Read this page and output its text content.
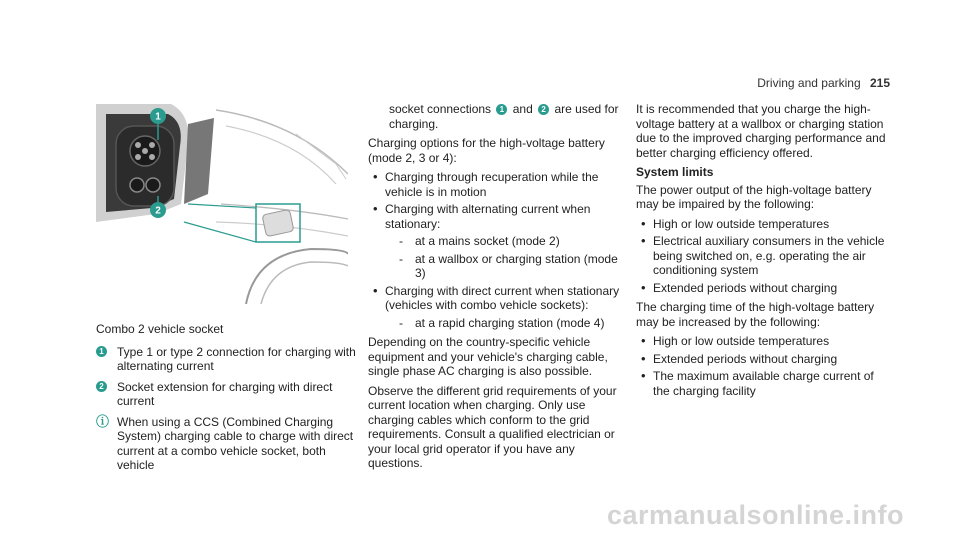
Driving and parking 215
1
2

Combo 2 vehicle socket

1 Type 1 or type 2 connection for charging with alternating current
2 Socket extension for charging with direct current
ⓘ When using a CCS (Combined Charging System) charging cable to charge with direct current at a combo vehicle socket, both vehicle

socket connections 1 and 2 are used for charging.

Charging options for the high-voltage battery (mode 2, 3 or 4):

• Charging through recuperation while the vehicle is in motion
• Charging with alternating current when stationary:
- at a mains socket (mode 2)
- at a wallbox or charging station (mode 3)
• Charging with direct current when stationary (vehicles with combo vehicle sockets):
- at a rapid charging station (mode 4)

Depending on the country-specific vehicle equipment and your vehicle's charging cable, single phase AC charging is also possible.

Observe the different grid requirements of your current location when charging. Only use charging cables which conform to the grid requirements. Consult a qualified electrician or your local grid operator if you have any questions.

It is recommended that you charge the high-voltage battery at a wallbox or charging station due to the improved charging performance and better charging efficiency offered.

System limits

The power output of the high-voltage battery may be impaired by the following:

• High or low outside temperatures
• Electrical auxiliary consumers in the vehicle being switched on, e.g. operating the air conditioning system
• Extended periods without charging

The charging time of the high-voltage battery may be increased by the following:

• High or low outside temperatures
• Extended periods without charging
• The maximum available charge current of the charging facility
carmanualsonline.info
